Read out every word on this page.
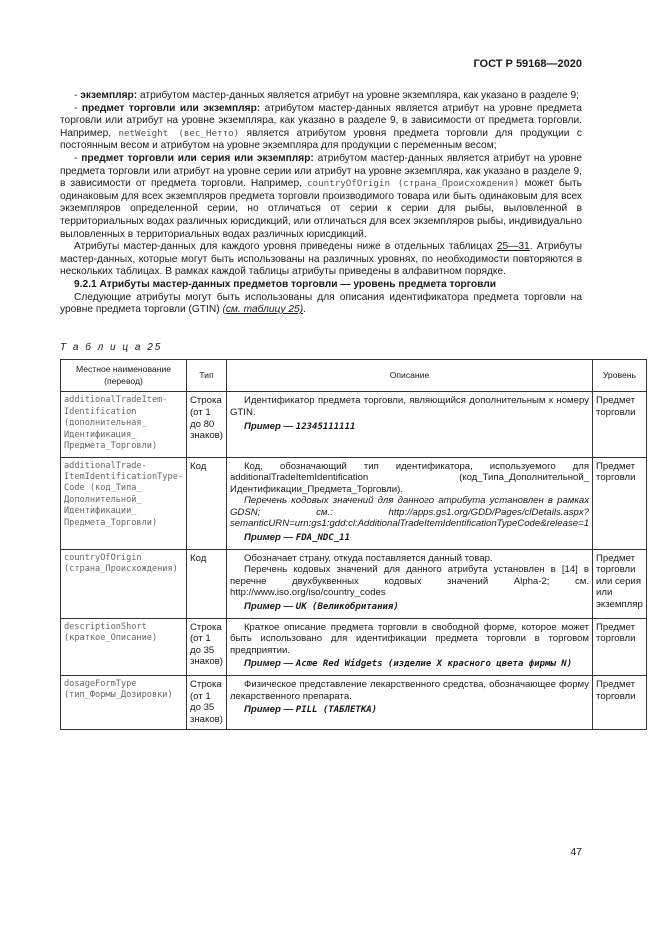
ГОСТ Р 59168—2020

- экземпляр: атрибутом мастер-данных является атрибут на уровне экземпляра, как указано в разделе 9;

- предмет торговли или экземпляр: атрибутом мастер-данных является атрибут на уровне предмета торговли или атрибут на уровне экземпляра, как указано в разделе 9, в зависимости от предмета торговли. Например, netWeight (вес_Нетто) является атрибутом уровня предмета торговли для продукции с постоянным весом и атрибутом на уровне экземпляра для продукции с переменным весом;

- предмет торговли или серия или экземпляр: атрибутом мастер-данных является атрибут на уровне предмета торговли или атрибут на уровне серии или атрибут на уровне экземпляра, как указано в разделе 9, в зависимости от предмета торговли. Например, countryOfOrigin (страна_Происхождения) может быть одинаковым для всех экземпляров предмета торговли производимого товара или быть одинаковым для всех экземпляров определенной серии, но отличаться от серии к серии для рыбы, выловленной в территориальных водах различных юрисдикций, или отличаться для всех экземпляров рыбы, индивидуально выловленных в территориальных водах различных юрисдикций.

Атрибуты мастер-данных для каждого уровня приведены ниже в отдельных таблицах 25—31. Атрибуты мастер-данных, которые могут быть использованы на различных уровнях, по необходимости повторяются в нескольких таблицах. В рамках каждой таблицы атрибуты приведены в алфавитном порядке.

9.2.1 Атрибуты мастер-данных предметов торговли — уровень предмета торговли

Следующие атрибуты могут быть использованы для описания идентификатора предмета торговли на уровне предмета торговли (GTIN) (см. таблицу 25).

Т а б л и ц а 25
Местное наименование (перевод)	Тип	Описание	Уровень
additionalTradeItem-Identification (дополнительная_ Идентификация_ Предмета_Торговли)	Строка (от 1 до 80 знаков)	Идентификатор предмета торговли, являющийся дополнительным к номеру GTIN.

Пример — 12345111111	Предмет торговли
additionalTrade-ItemIdentificationType-Code (код_Типа_ Дополнительной_ Идентификации_ Предмета_Торговли)	Код	Код, обозначающий тип идентификатора, используемого для additionalTradeItemIdentification (код_Типа_Дополнительной_ Идентификации_Предмета_Торговли).

Перечень кодовых значений для данного атрибута установлен в рамках GDSN; см.: http://apps.gs1.org/GDD/Pages/clDetails.aspx?semanticURN=urn:gs1:gdd:cl:AdditionalTradeItemIdentificationTypeCode&release=1

Пример — FDA_NDC_11	Предмет торговли
countryOfOrigin (страна_Происхождения)	Код	Обозначает страну, откуда поставляется данный товар.

Перечень кодовых значений для данного атрибута установлен в [14] в перечне двухбуквенных кодовых значений Alpha-2; см. http://www.iso.org/iso/country_codes

Пример — UK (Великобритания)	Предмет торговли или серия или экземпляр
descriptionShort (краткое_Описание)	Строка (от 1 до 35 знаков)	Краткое описание предмета торговли в свободной форме, которое может быть использовано для идентификации предмета торговли в торговом предприятии.

Пример — Acme Red Widgets (изделие X красного цвета фирмы N)	Предмет торговли
dosageFormType (тип_Формы_Дозировки)	Строка (от 1 до 35 знаков)	Физическое представление лекарственного средства, обозначающее форму лекарственного препарата.

Пример — PILL (ТАБЛЕТКА)	Предмет торговли
47
